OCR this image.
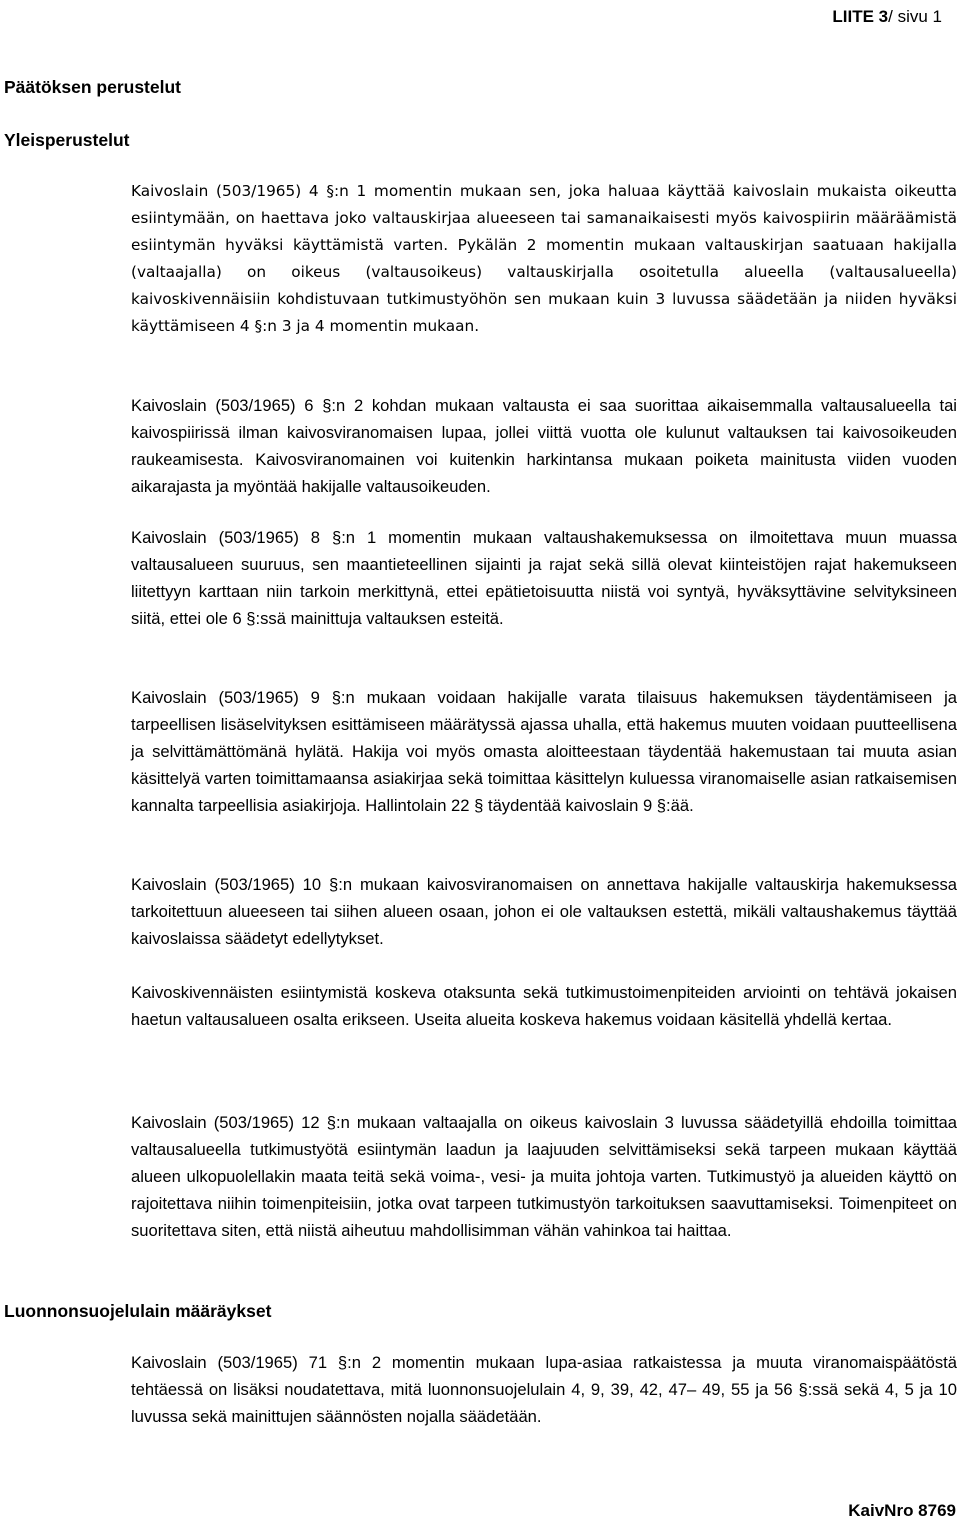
LIITE 3/ sivu 1
Päätöksen perustelut
Yleisperustelut

Kaivoslain (503/1965) 4 §:n 1 momentin mukaan sen, joka haluaa käyttää kaivoslain mukaista oikeutta esiintymään, on haettava joko valtauskirjaa alueeseen tai samanaikaisesti myös kaivospiirin määräämistä esiintymän hyväksi käyttämistä varten. Pykälän 2 momentin mukaan valtauskirjan saatuaan hakijalla (valtaajalla) on oikeus (valtausoikeus) valtauskirjalla osoitetulla alueella (valtausalueella) kaivoskivennäisiin kohdistuvaan tutkimustyöhön sen mukaan kuin 3 luvussa säädetään ja niiden hyväksi käyttämiseen 4 §:n 3 ja 4 momentin mukaan.

Kaivoslain (503/1965) 6 §:n 2 kohdan mukaan valtausta ei saa suorittaa aikaisemmalla valtausalueella tai kaivospiirissä ilman kaivosviranomaisen lupaa, jollei viittä vuotta ole kulunut valtauksen tai kaivosoikeuden raukeamisesta. Kaivosviranomainen voi kuitenkin harkintansa mukaan poiketa mainitusta viiden vuoden aikarajasta ja myöntää hakijalle valtausoikeuden.

Kaivoslain (503/1965) 8 §:n 1 momentin mukaan valtaushakemuksessa on ilmoitettava muun muassa valtausalueen suuruus, sen maantieteellinen sijainti ja rajat sekä sillä olevat kiinteistöjen rajat hakemukseen liitettyyn karttaan niin tarkoin merkittynä, ettei epätietoisuutta niistä voi syntyä, hyväksyttävine selvityksineen siitä, ettei ole 6 §:ssä mainittuja valtauksen esteitä.

Kaivoslain (503/1965) 9 §:n mukaan voidaan hakijalle varata tilaisuus hakemuksen täydentämiseen ja tarpeellisen lisäselvityksen esittämiseen määrätyssä ajassa uhalla, että hakemus muuten voidaan puutteellisena ja selvittämättömänä hylätä. Hakija voi myös omasta aloitteestaan täydentää hakemustaan tai muuta asian käsittelyä varten toimittamaansa asiakirjaa sekä toimittaa käsittelyn kuluessa viranomaiselle asian ratkaisemisen kannalta tarpeellisia asiakirjoja. Hallintolain 22 § täydentää kaivoslain 9 §:ää.

Kaivoslain (503/1965) 10 §:n mukaan kaivosviranomaisen on annettava hakijalle valtauskirja hakemuksessa tarkoitettuun alueeseen tai siihen alueen osaan, johon ei ole valtauksen estettä, mikäli valtaushakemus täyttää kaivoslaissa säädetyt edellytykset.

Kaivoskivennäisten esiintymistä koskeva otaksunta sekä tutkimustoimenpiteiden arviointi on tehtävä jokaisen haetun valtausalueen osalta erikseen. Useita alueita koskeva hakemus voidaan käsitellä yhdellä kertaa.

Kaivoslain (503/1965) 12 §:n mukaan valtaajalla on oikeus kaivoslain 3 luvussa säädetyillä ehdoilla toimittaa valtausalueella tutkimustyötä esiintymän laadun ja laajuuden selvittämiseksi sekä tarpeen mukaan käyttää alueen ulkopuolellakin maata teitä sekä voima-, vesi- ja muita johtoja varten. Tutkimustyö ja alueiden käyttö on rajoitettava niihin toimenpiteisiin, jotka ovat tarpeen tutkimustyön tarkoituksen saavuttamiseksi. Toimenpiteet on suoritettava siten, että niistä aiheutuu mahdollisimman vähän vahinkoa tai haittaa.

Luonnonsuojelulain määräykset

Kaivoslain (503/1965) 71 §:n 2 momentin mukaan lupa-asiaa ratkaistessa ja muuta viranomaispäätöstä tehtäessä on lisäksi noudatettava, mitä luonnonsuojelulain 4, 9, 39, 42, 47– 49, 55 ja 56 §:ssä sekä 4, 5 ja 10 luvussa sekä mainittujen säännösten nojalla säädetään.

KaivNro 8769
